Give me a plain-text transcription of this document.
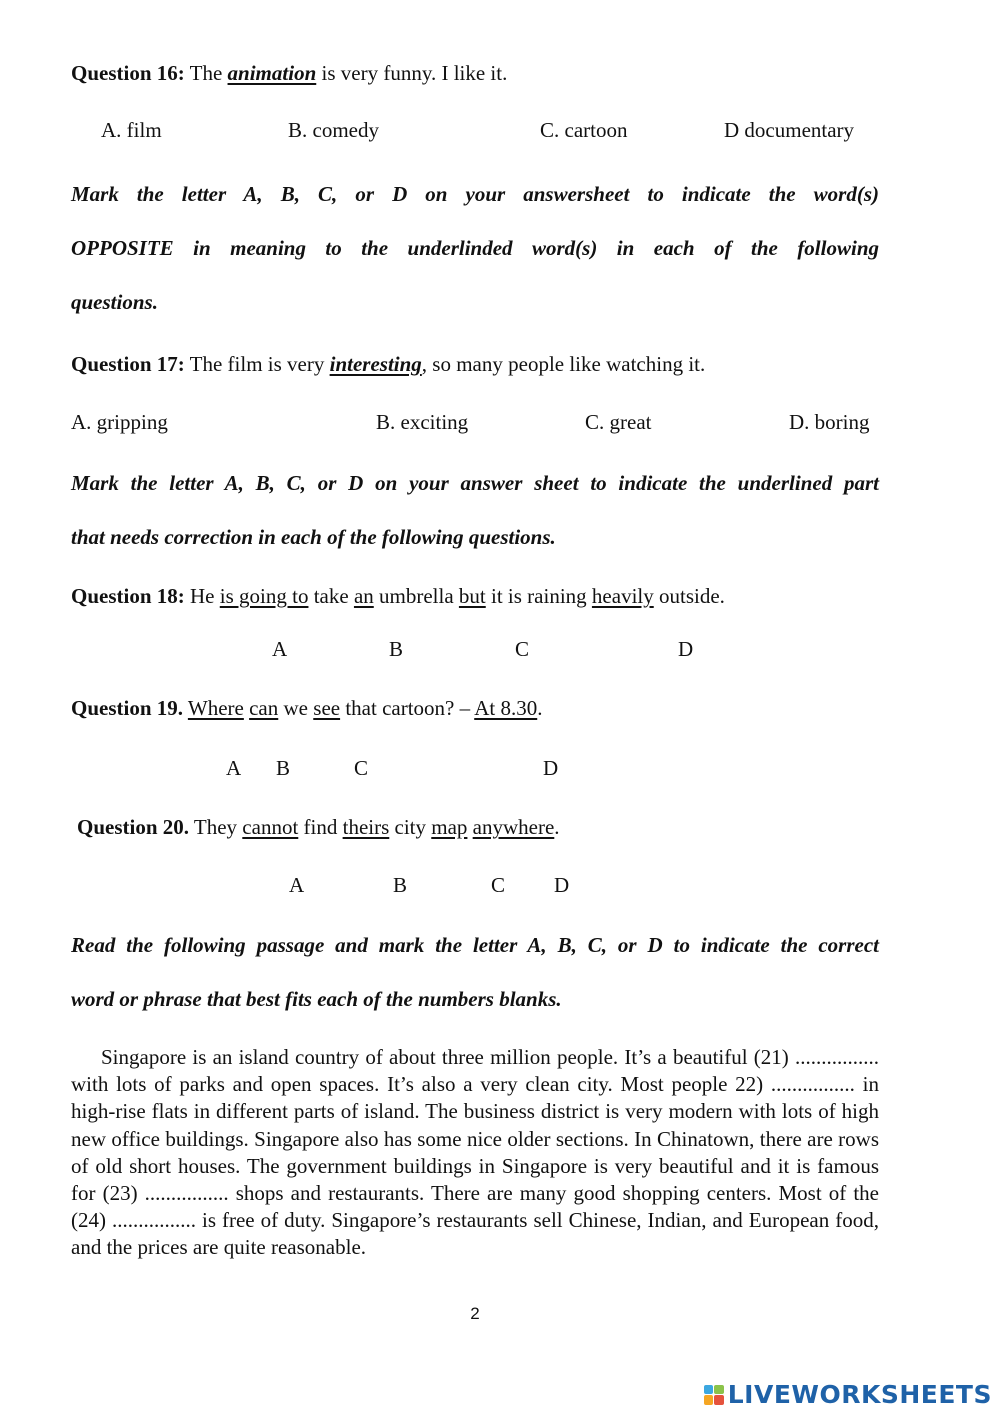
Question 16: The animation is very funny. I like it.
A. film	B. comedy	C. cartoon	D documentary
Mark the letter A, B, C, or D on your answersheet to indicate the word(s)
OPPOSITE in meaning to the underlinded word(s) in each of the following
questions.
Question 17: The film is very interesting, so many people like watching it.
A. gripping	B. exciting	C. great	D. boring
Mark the letter A, B, C, or D on your answer sheet to indicate the underlined part
that needs correction in each of the following questions.
Question 18: He is going to take an umbrella but it is raining heavily outside.
A	B	C	D
Question 19. Where can we see that cartoon? – At 8.30.
A B	C	D
Question 20. They cannot find theirs city map anywhere.
A	B	C D
Read the following passage and mark the letter A, B, C, or D to indicate the correct
word or phrase that best fits each of the numbers blanks.
Singapore is an island country of about three million people. It’s a beautiful (21) ................ with lots of parks and open spaces. It’s also a very clean city. Most people 22) ................ in high-rise flats in different parts of island. The business district is very modern with lots of high new office buildings. Singapore also has some nice older sections. In Chinatown, there are rows of old short houses. The government buildings in Singapore is very beautiful and it is famous for (23) ................ shops and restaurants. There are many good shopping centers. Most of the (24) ................ is free of duty. Singapore’s restaurants sell Chinese, Indian, and European food, and the prices are quite reasonable.
2
LIVEWORKSHEETS
